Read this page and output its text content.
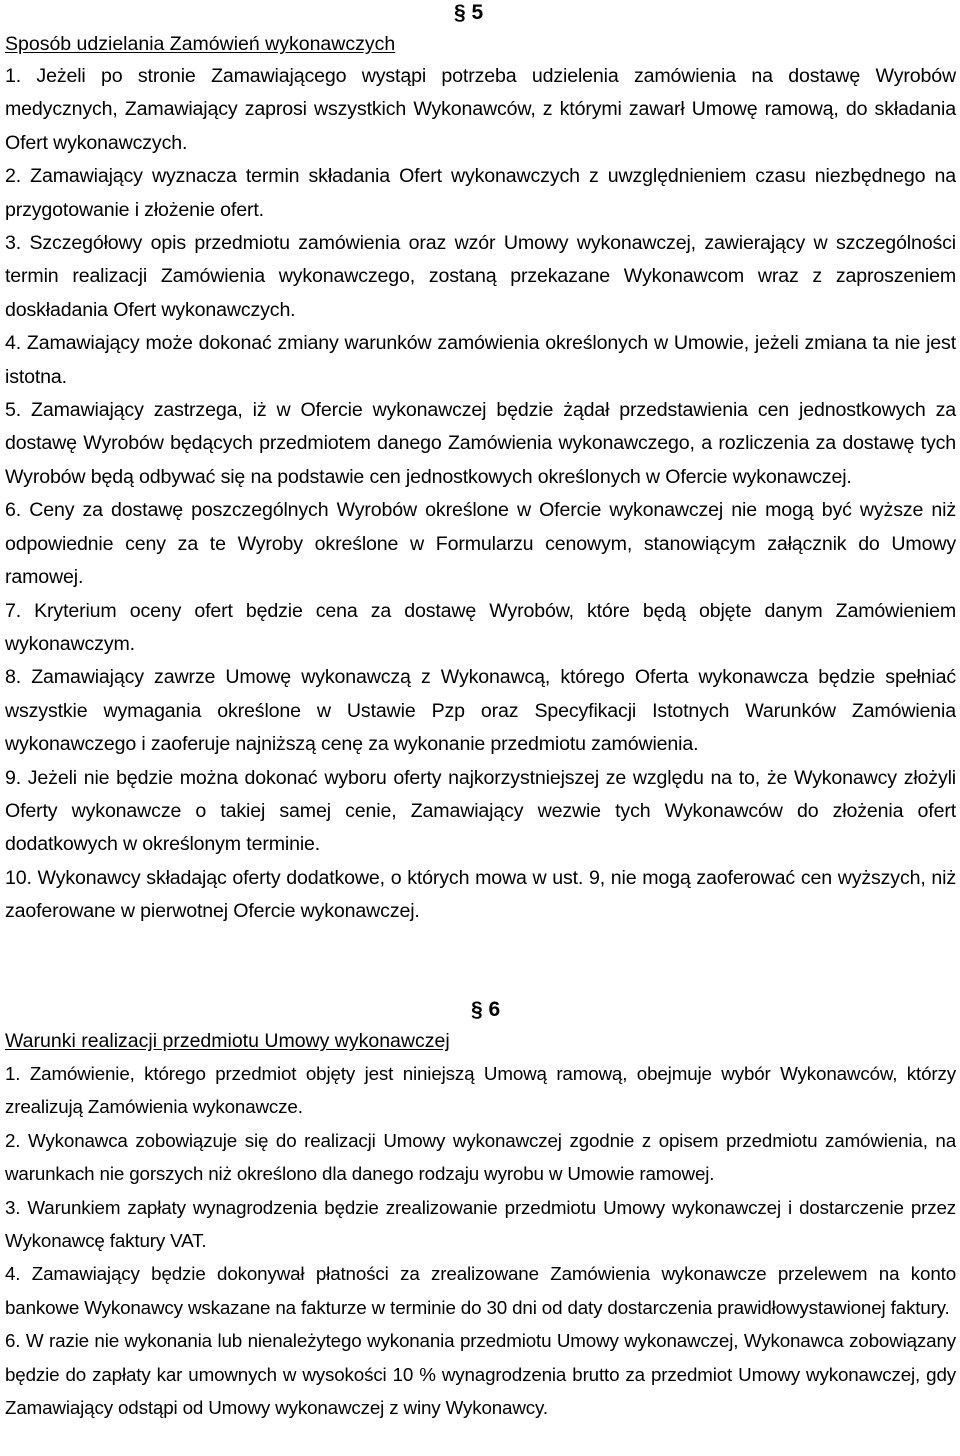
§ 5
Sposób udzielania Zamówień wykonawczych

1. Jeżeli po stronie Zamawiającego wystąpi potrzeba udzielenia zamówienia na dostawę Wyrobów medycznych, Zamawiający zaprosi wszystkich Wykonawców, z którymi zawarł Umowę ramową, do składania Ofert wykonawczych.

2. Zamawiający wyznacza termin składania Ofert wykonawczych z uwzględnieniem czasu niezbędnego na przygotowanie i złożenie ofert.

3. Szczegółowy opis przedmiotu zamówienia oraz wzór Umowy wykonawczej, zawierający w szczególności termin realizacji Zamówienia wykonawczego, zostaną przekazane Wykonawcom wraz z zaproszeniem doskładania Ofert wykonawczych.

4. Zamawiający może dokonać zmiany warunków zamówienia określonych w Umowie, jeżeli zmiana ta nie jest istotna.

5. Zamawiający zastrzega, iż w Ofercie wykonawczej będzie żądał przedstawienia cen jednostkowych za dostawę Wyrobów będących przedmiotem danego Zamówienia wykonawczego, a rozliczenia za dostawę tych Wyrobów będą odbywać się na podstawie cen jednostkowych określonych w Ofercie wykonawczej.

6. Ceny za dostawę poszczególnych Wyrobów określone w Ofercie wykonawczej nie mogą być wyższe niż odpowiednie ceny za te Wyroby określone w Formularzu cenowym, stanowiącym załącznik do Umowy ramowej.

7. Kryterium oceny ofert będzie cena za dostawę Wyrobów, które będą objęte danym Zamówieniem wykonawczym.

8. Zamawiający zawrze Umowę wykonawczą z Wykonawcą, którego Oferta wykonawcza będzie spełniać wszystkie wymagania określone w Ustawie Pzp oraz Specyfikacji Istotnych Warunków Zamówienia wykonawczego i zaoferuje najniższą cenę za wykonanie przedmiotu zamówienia.

9. Jeżeli nie będzie można dokonać wyboru oferty najkorzystniejszej ze względu na to, że Wykonawcy złożyli Oferty wykonawcze o takiej samej cenie, Zamawiający wezwie tych Wykonawców do złożenia ofert dodatkowych w określonym terminie.

10. Wykonawcy składając oferty dodatkowe, o których mowa w ust. 9, nie mogą zaoferować cen wyższych, niż zaoferowane w pierwotnej Ofercie wykonawczej.

§ 6
Warunki realizacji przedmiotu Umowy wykonawczej

1. Zamówienie, którego przedmiot objęty jest niniejszą Umową ramową, obejmuje wybór Wykonawców, którzy zrealizują Zamówienia wykonawcze.

2. Wykonawca zobowiązuje się do realizacji Umowy wykonawczej zgodnie z opisem przedmiotu zamówienia, na warunkach nie gorszych niż określono dla danego rodzaju wyrobu w Umowie ramowej.

3. Warunkiem zapłaty wynagrodzenia będzie zrealizowanie przedmiotu Umowy wykonawczej i dostarczenie przez Wykonawcę faktury VAT.

4. Zamawiający będzie dokonywał płatności za zrealizowane Zamówienia wykonawcze przelewem na konto bankowe Wykonawcy wskazane na fakturze w terminie do 30 dni od daty dostarczenia prawidłowystawionej faktury.

6. W razie nie wykonania lub nienależytego wykonania przedmiotu Umowy wykonawczej, Wykonawca zobowiązany będzie do zapłaty kar umownych w wysokości 10 % wynagrodzenia brutto za przedmiot Umowy wykonawczej, gdy Zamawiający odstąpi od Umowy wykonawczej z winy Wykonawcy.
